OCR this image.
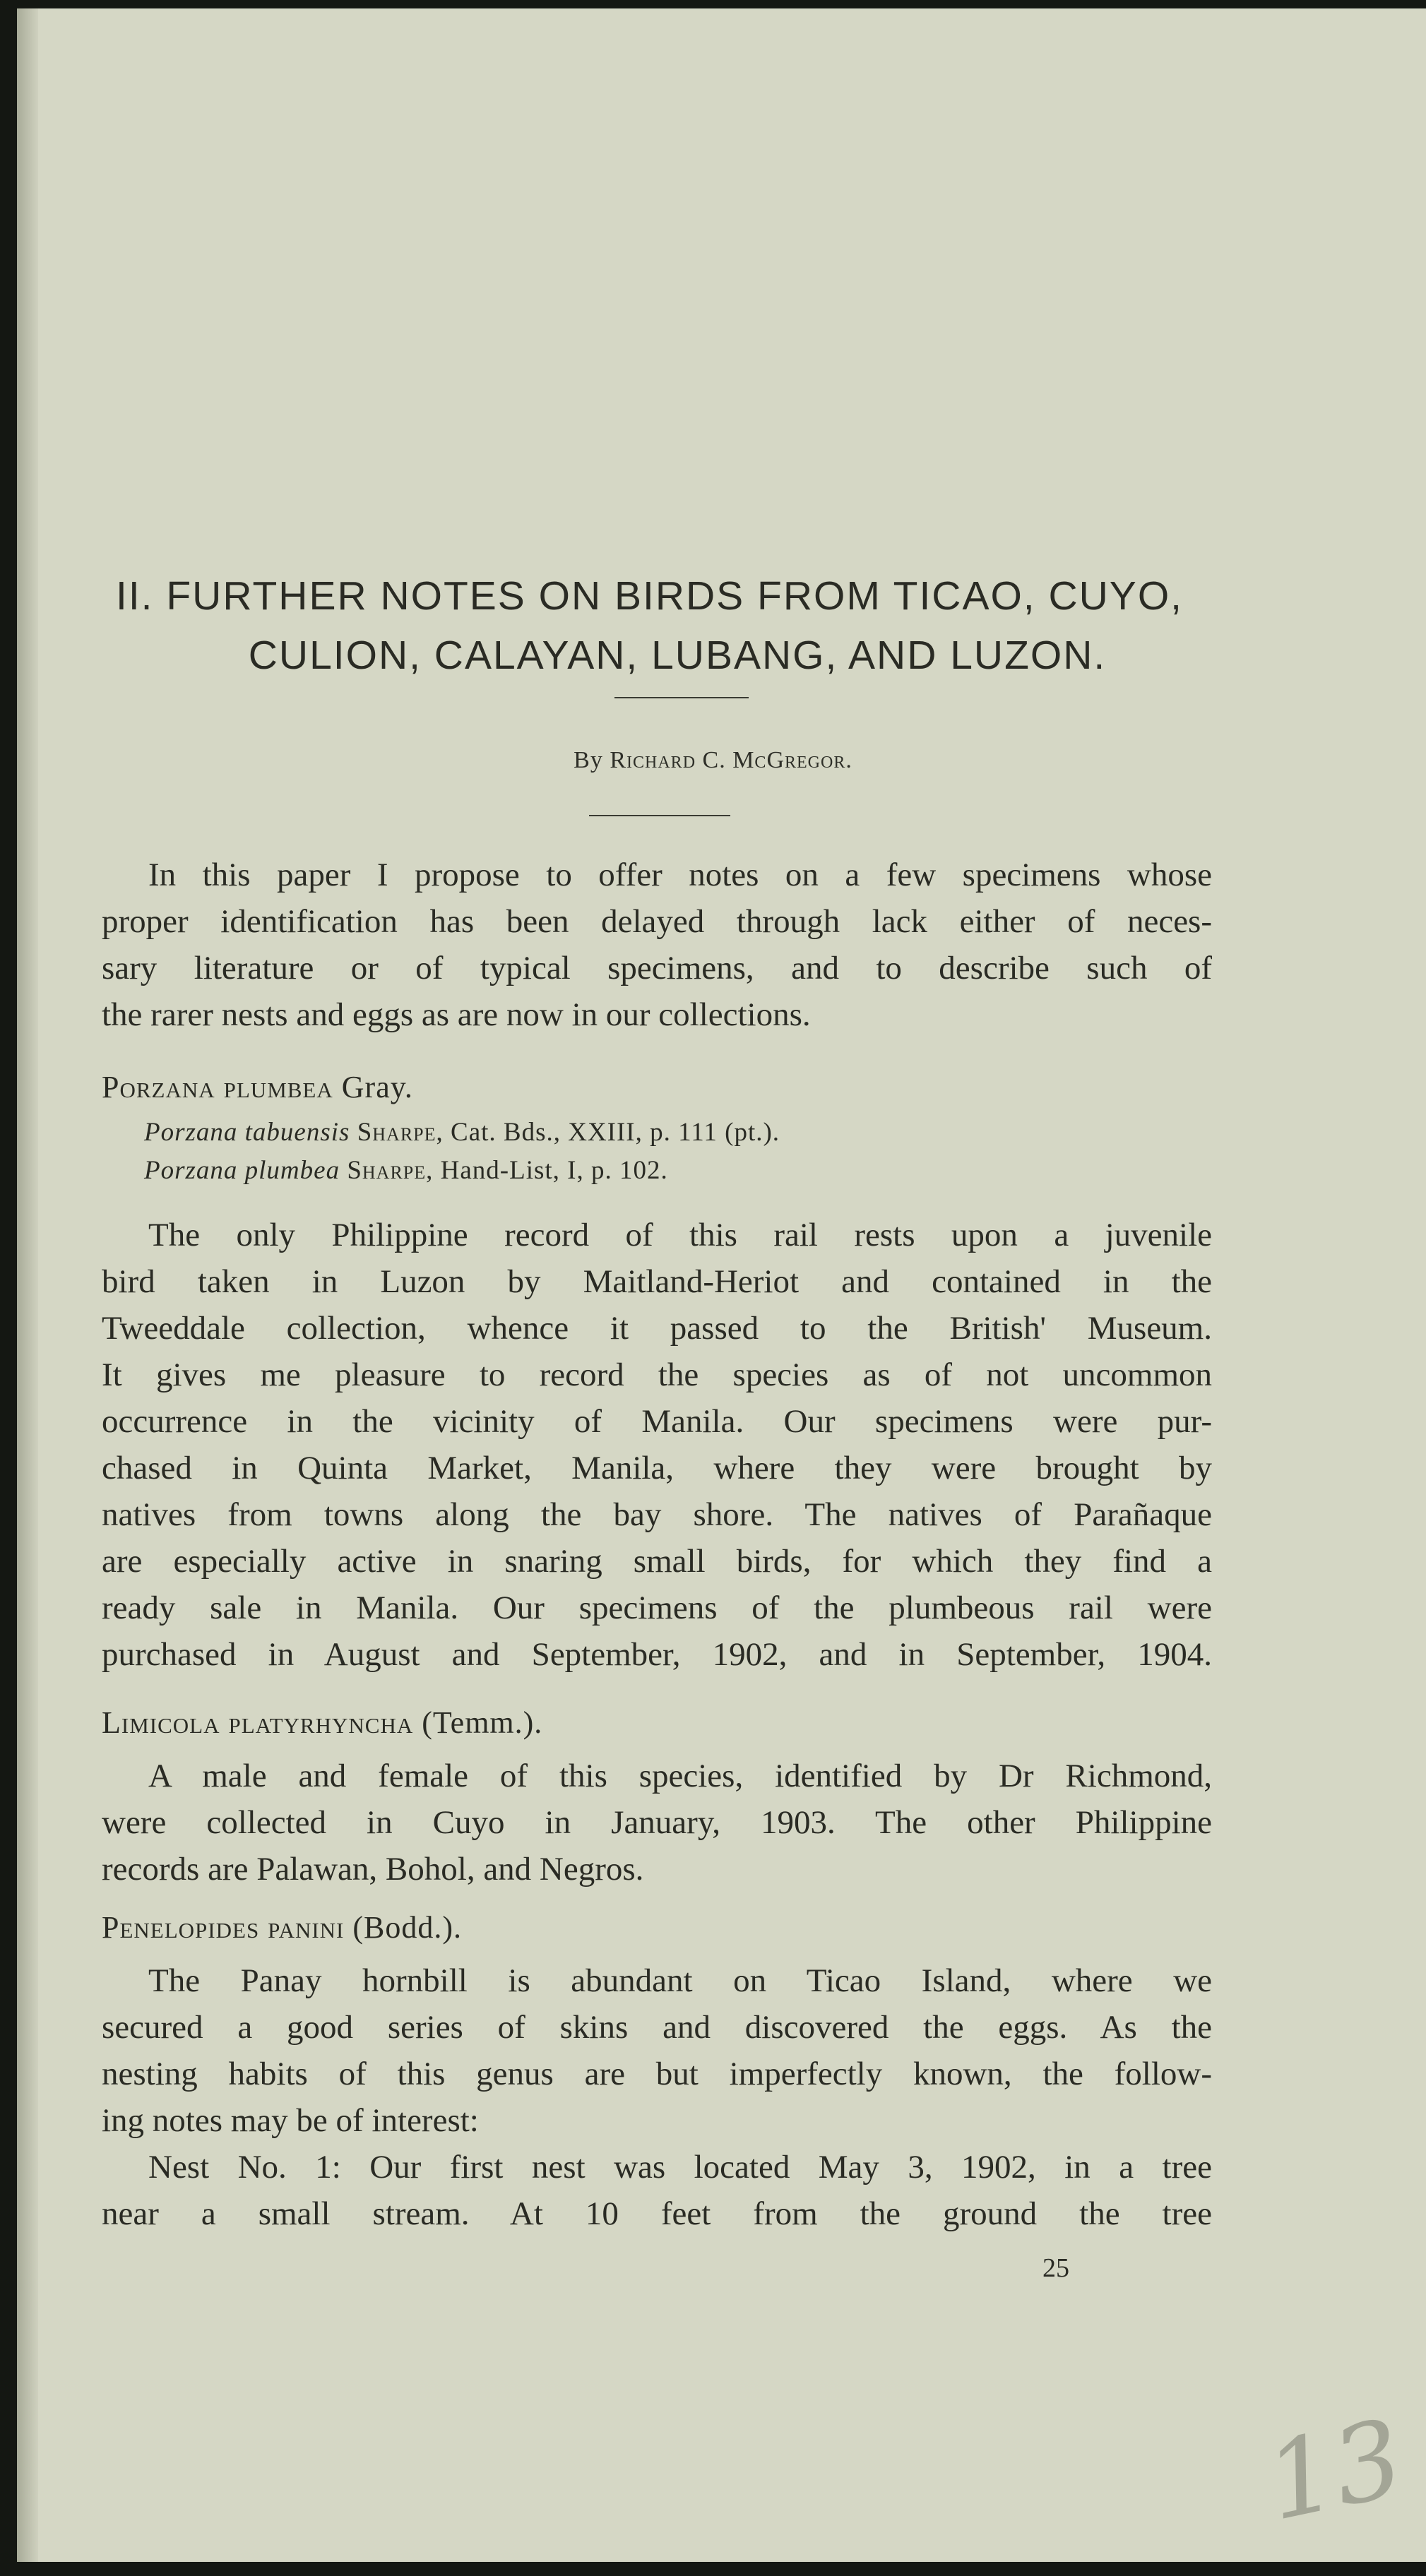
II. FURTHER NOTES ON BIRDS FROM TICAO, CUYO,
CULION, CALAYAN, LUBANG, AND LUZON.
By Richard C. McGregor.
In this paper I propose to offer notes on a few specimens whose
proper identification has been delayed through lack either of neces-
sary literature or of typical specimens, and to describe such of
the rarer nests and eggs as are now in our collections.
Porzana plumbea Gray.
Porzana tabuensis Sharpe, Cat. Bds., XXIII, p. 111 (pt.).
Porzana plumbea Sharpe, Hand-List, I, p. 102.
The only Philippine record of this rail rests upon a juvenile
bird taken in Luzon by Maitland-Heriot and contained in the
Tweeddale collection, whence it passed to the British' Museum.
It gives me pleasure to record the species as of not uncommon
occurrence in the vicinity of Manila. Our specimens were pur-
chased in Quinta Market, Manila, where they were brought by
natives from towns along the bay shore. The natives of Parañaque
are especially active in snaring small birds, for which they find a
ready sale in Manila. Our specimens of the plumbeous rail were
purchased in August and September, 1902, and in September, 1904.
Limicola platyrhyncha (Temm.).
A male and female of this species, identified by Dr Richmond,
were collected in Cuyo in January, 1903. The other Philippine
records are Palawan, Bohol, and Negros.
Penelopides panini (Bodd.).
The Panay hornbill is abundant on Ticao Island, where we
secured a good series of skins and discovered the eggs. As the
nesting habits of this genus are but imperfectly known, the follow-
ing notes may be of interest:
Nest No. 1: Our first nest was located May 3, 1902, in a tree
near a small stream. At 10 feet from the ground the tree
25
13
